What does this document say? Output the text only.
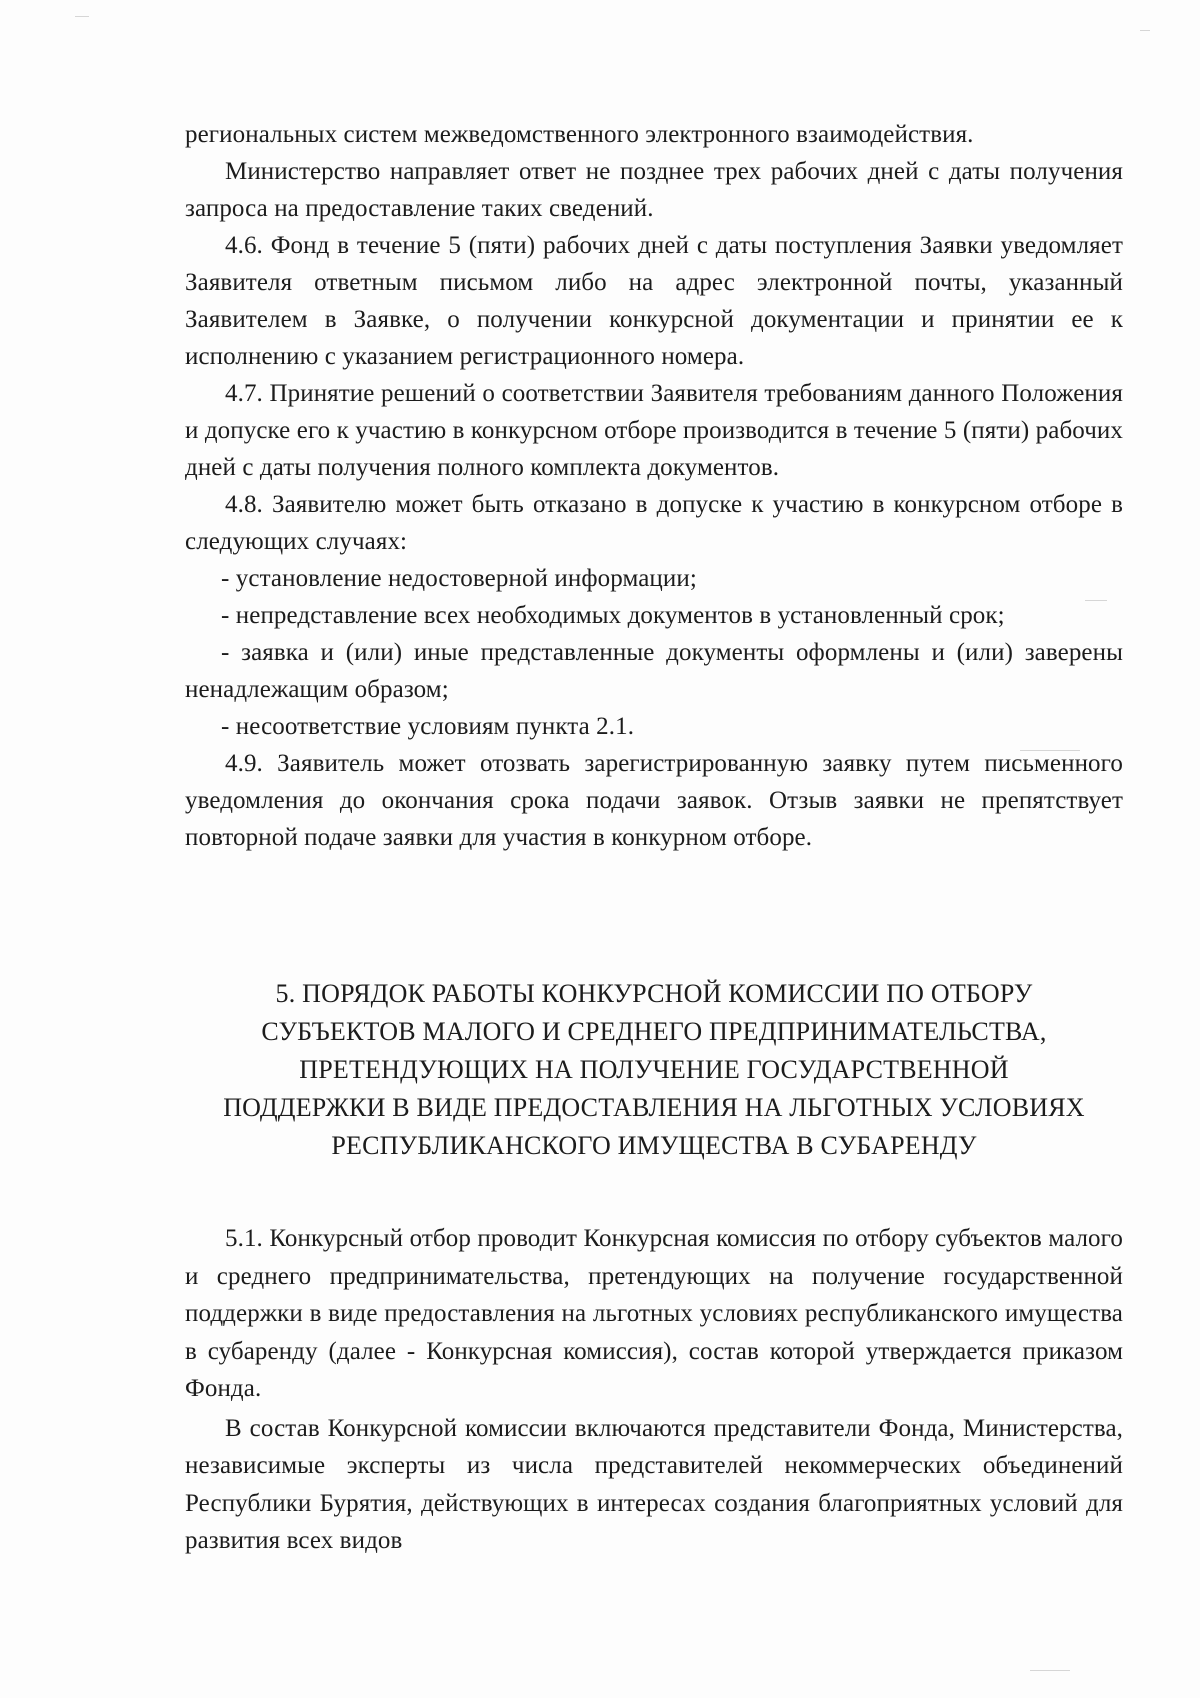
региональных систем межведомственного электронного взаимодействия.

Министерство направляет ответ не позднее трех рабочих дней с даты получения запроса на предоставление таких сведений.

4.6. Фонд в течение 5 (пяти) рабочих дней с даты поступления Заявки уведомляет Заявителя ответным письмом либо на адрес электронной почты, указанный Заявителем в Заявке, о получении конкурсной документации и принятии ее к исполнению с указанием регистрационного номера.

4.7. Принятие решений о соответствии Заявителя требованиям данного Положения и допуске его к участию в конкурсном отборе производится в течение 5 (пяти) рабочих дней с даты получения полного комплекта документов.

4.8. Заявителю может быть отказано в допуске к участию в конкурсном отборе в следующих случаях:

- установление недостоверной информации;

- непредставление всех необходимых документов в установленный срок;

- заявка и (или) иные представленные документы оформлены и (или) заверены ненадлежащим образом;

- несоответствие условиям пункта 2.1.

4.9. Заявитель может отозвать зарегистрированную заявку путем письменного уведомления до окончания срока подачи заявок. Отзыв заявки не препятствует повторной подаче заявки для участия в конкурном отборе.

5. ПОРЯДОК РАБОТЫ КОНКУРСНОЙ КОМИССИИ ПО ОТБОРУ
СУБЪЕКТОВ МАЛОГО И СРЕДНЕГО ПРЕДПРИНИМАТЕЛЬСТВА,
ПРЕТЕНДУЮЩИХ НА ПОЛУЧЕНИЕ ГОСУДАРСТВЕННОЙ
ПОДДЕРЖКИ В ВИДЕ ПРЕДОСТАВЛЕНИЯ НА ЛЬГОТНЫХ УСЛОВИЯХ
РЕСПУБЛИКАНСКОГО ИМУЩЕСТВА В СУБАРЕНДУ

5.1. Конкурсный отбор проводит Конкурсная комиссия по отбору субъектов малого и среднего предпринимательства, претендующих на получение государственной поддержки в виде предоставления на льготных условиях республиканского имущества в субаренду (далее - Конкурсная комиссия), состав которой утверждается приказом Фонда.

В состав Конкурсной комиссии включаются представители Фонда, Министерства, независимые эксперты из числа представителей некоммерческих объединений Республики Бурятия, действующих в интересах создания благоприятных условий для развития всех видов
